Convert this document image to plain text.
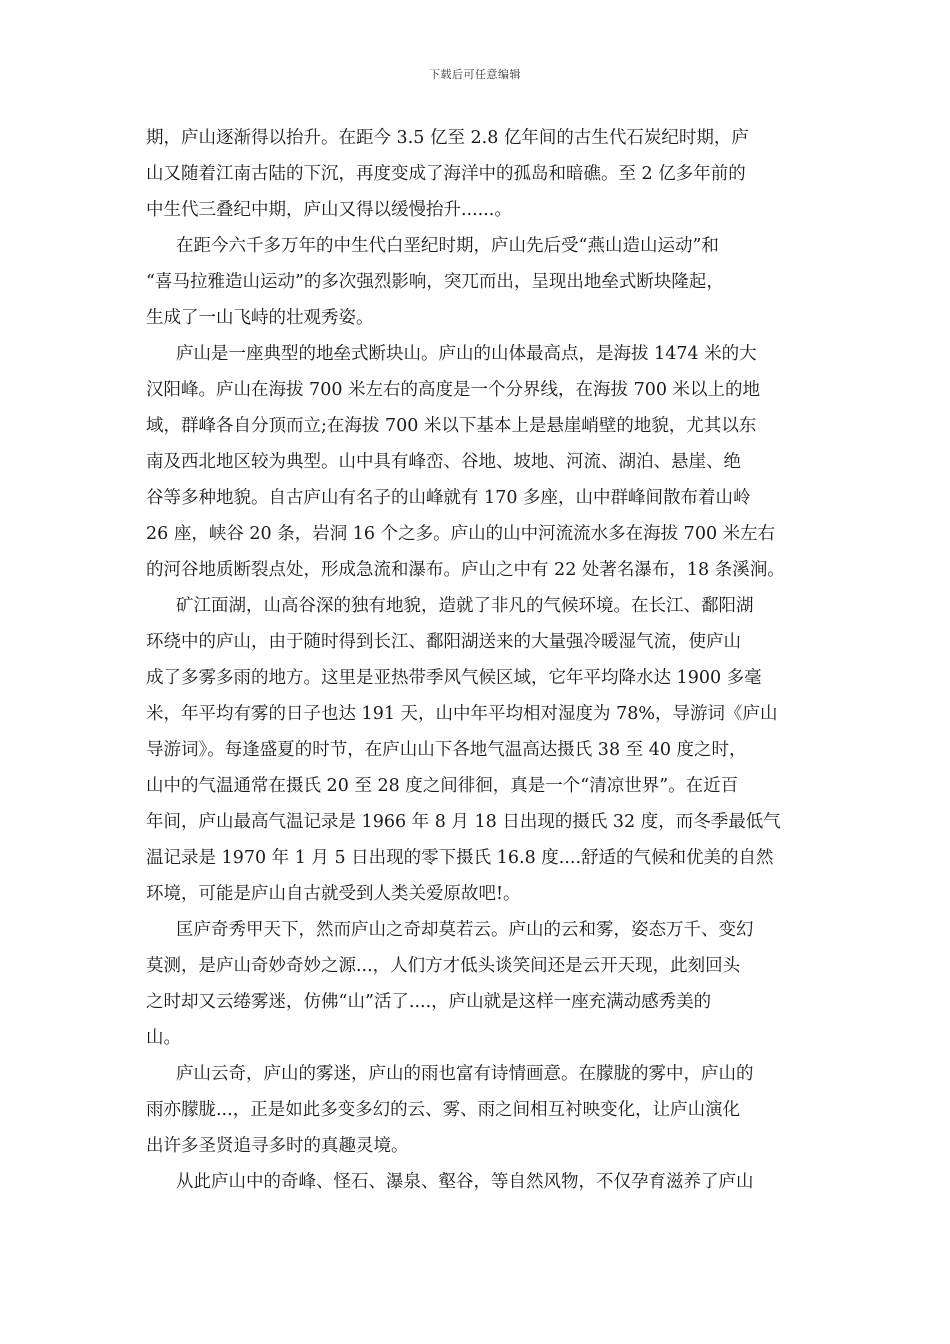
下载后可任意编辑
期，庐山逐渐得以抬升。在距今 3.5 亿至 2.8 亿年间的古生代石炭纪时期，庐
山又随着江南古陆的下沉，再度变成了海洋中的孤岛和暗礁。至 2 亿多年前的
中生代三叠纪中期，庐山又得以缓慢抬升......。
在距今六千多万年的中生代白垩纪时期，庐山先后受“燕山造山运动”和
“喜马拉雅造山运动”的多次强烈影响，突兀而出，呈现出地垒式断块隆起，
生成了一山飞峙的壮观秀姿。
庐山是一座典型的地垒式断块山。庐山的山体最高点，是海拔 1474 米的大
汉阳峰。庐山在海拔 700 米左右的高度是一个分界线，在海拔 700 米以上的地
域，群峰各自分顶而立;在海拔 700 米以下基本上是悬崖峭壁的地貌，尤其以东
南及西北地区较为典型。山中具有峰峦、谷地、坡地、河流、湖泊、悬崖、绝
谷等多种地貌。自古庐山有名子的山峰就有 170 多座，山中群峰间散布着山岭
26 座，峡谷 20 条，岩洞 16 个之多。庐山的山中河流流水多在海拔 700 米左右
的河谷地质断裂点处，形成急流和瀑布。庐山之中有 22 处著名瀑布，18 条溪涧。
矿江面湖，山高谷深的独有地貌，造就了非凡的气候环境。在长江、鄱阳湖
环绕中的庐山，由于随时得到长江、鄱阳湖送来的大量强冷暖湿气流，使庐山
成了多雾多雨的地方。这里是亚热带季风气候区域，它年平均降水达 1900 多毫
米，年平均有雾的日子也达 191 天，山中年平均相对湿度为 78%，导游词《庐山
导游词》。每逢盛夏的时节，在庐山山下各地气温高达摄氏 38 至 40 度之时，
山中的气温通常在摄氏 20 至 28 度之间徘徊，真是一个“清凉世界”。在近百
年间，庐山最高气温记录是 1966 年 8 月 18 日出现的摄氏 32 度，而冬季最低气
温记录是 1970 年 1 月 5 日出现的零下摄氏 16.8 度....舒适的气候和优美的自然
环境，可能是庐山自古就受到人类关爱原故吧!。
匡庐奇秀甲天下，然而庐山之奇却莫若云。庐山的云和雾，姿态万千、变幻
莫测，是庐山奇妙奇妙之源...，人们方才低头谈笑间还是云开天现，此刻回头
之时却又云绻雾迷，仿佛“山”活了....，庐山就是这样一座充满动感秀美的
山。
庐山云奇，庐山的雾迷，庐山的雨也富有诗情画意。在朦胧的雾中，庐山的
雨亦朦胧...，正是如此多变多幻的云、雾、雨之间相互衬映变化，让庐山演化
出许多圣贤追寻多时的真趣灵境。
从此庐山中的奇峰、怪石、瀑泉、壑谷，等自然风物，不仅孕育滋养了庐山
